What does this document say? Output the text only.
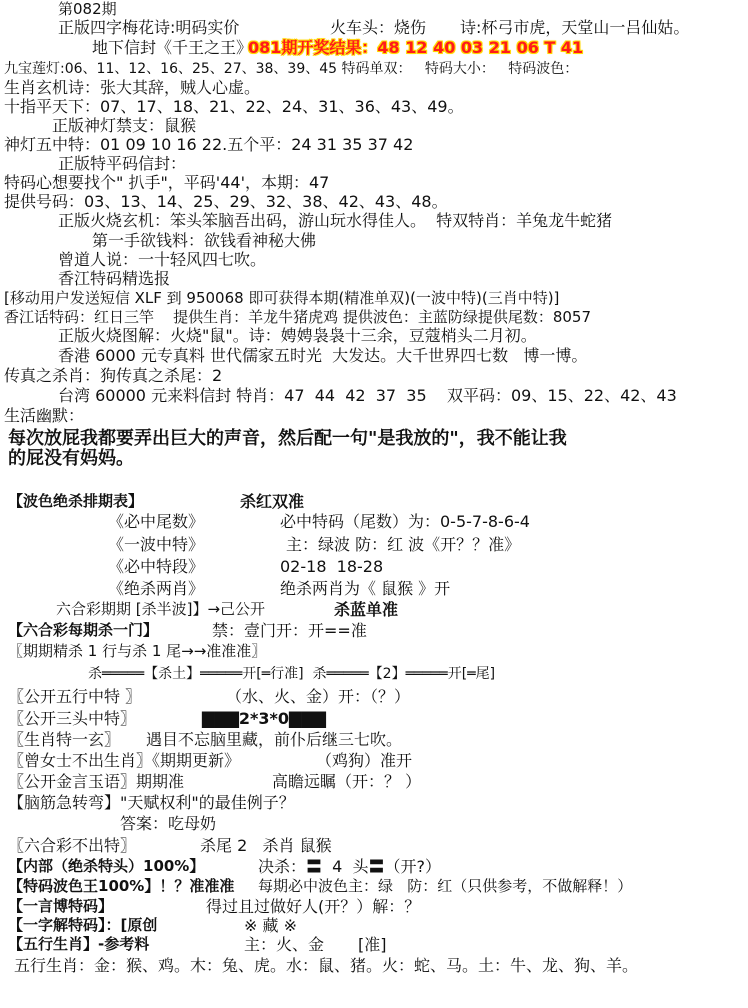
第082期
正版四字梅花诗:明码实价	火车头：烧伤 诗:杯弓市虎，天堂山一吕仙姑。
地下信封《千王之王》
081期开奖结果：48 12 40 03 21 06 T 41
九宝莲灯:06、11、12、16、25、27、38、39、45 特码单双：   特码大小：   特码波色：
生肖玄机诗：张大其辞，贼人心虚。
十指平天下：07、17、18、21、22、24、31、36、43、49。
正版神灯禁支：鼠猴
神灯五中特：01 09 10 16 22.五个平：24 31 35 37 42
正版特平码信封：
特码心想要找个" 扒手"，平码'44'，本期：47
提供号码：03、13、14、25、29、32、38、42、43、48。
正版火烧玄机：笨头笨脑吾出码，游山玩水得佳人。  特双特肖：羊兔龙牛蛇猪
第一手欲钱料：欲钱看神秘大佛
曾道人说：一十轻风四七吹。
香江特码精选报
[移动用户发送短信 XLF 到 950068 即可获得本期(精准单双)(一波中特)(三肖中特)]
香江话特码：红日三竿    提供生肖：羊龙牛猪虎鸡 提供波色：主蓝防绿提供尾数：8057
正版火烧图解：火烧"鼠"。诗：娉娉袅袅十三余，豆蔻梢头二月初。
香港 6000 元专真料 世代儒家五时光  大发达。大千世界四七数   博一博。
传真之杀肖：狗传真之杀尾：2
台湾 60000 元来料信封 特肖：47  44  42  37  35    双平码：09、15、22、42、43
生活幽默：
每次放屁我都要弄出巨大的声音，然后配一句"是我放的"，我不能让我
的屁没有妈妈。
【波色绝杀排期表】	杀红双准
《必中尾数》	必中特码（尾数）为：0-5-7-8-6-4
《一波中特》	主：绿波 防：红 波《开？？准》
《必中特段》	02-18  18-28
《绝杀两肖》	绝杀两肖为《 鼠猴 》开
六合彩期期 [杀半波]】→己公开	杀蓝单准
【六合彩每期杀一门】	禁：壹门开：开==准
〖期期精杀 1 行与杀 1 尾→→准准准〗
杀═════【杀土】═════开[═行准]  杀═════【2】═════开[═尾]
〖公开五行中特 〗	（水、火、金）开：（？）
〖公开三头中特〗	▇▇▇2*3*0▇▇▇
〖生肖特一玄〗 遇目不忘脑里藏，前仆后继三七吹。
〖曾女士不出生肖〗《期期更新》	（鸡狗）准开
〖公开金言玉语〗期期准	高瞻远瞩（开：？ ）
【脑筋急转弯】"天赋权利"的最佳例子？
答案：吃母奶
〖六合彩不出特〗	杀尾 2   杀肖 鼠猴
【内部（绝杀特头）100%】	决杀：〓  4  头〓（开?）
【特码波色王100%】！？准准准 每期必中波色主：绿   防：红（只供参考，不做解释！）
【一言博特码】	得过且过做好人(开？）解：？
【一字解特码】：[原创	※ 藏 ※
【五行生肖】-参考料	主：火、金 [准]
五行生肖：金：猴、鸡。木：兔、虎。水：鼠、猪。火：蛇、马。土：牛、龙、狗、羊。
